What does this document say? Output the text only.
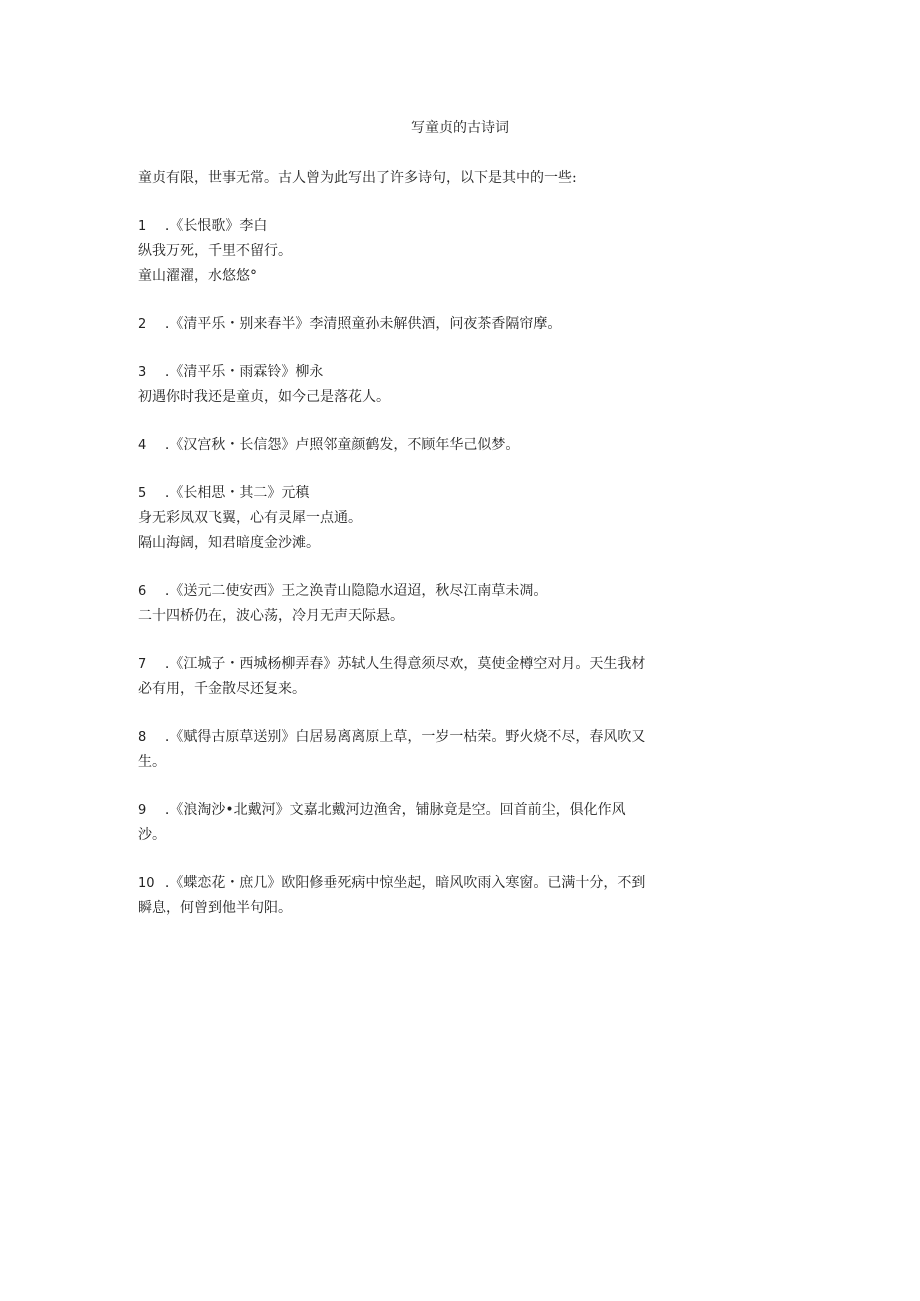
写童贞的古诗词
童贞有限，世事无常。古人曾为此写出了许多诗句，以下是其中的一些:

1 .《长恨歌》李白

纵我万死，千里不留行。

童山濯濯，水悠悠°

2 .《清平乐・别来春半》李清照童孙未解供酒，问夜茶香隔帘摩。

3 .《清平乐・雨霖铃》柳永

初遇你时我还是童贞，如今己是落花人。

4 .《汉宫秋・长信怨》卢照邻童颜鹤发，不顾年华己似梦。

5 .《长相思・其二》元稹

身无彩凤双飞翼，心有灵犀一点通。

隔山海阔，知君暗度金沙滩。

6 .《送元二使安西》王之涣青山隐隐水迢迢，秋尽江南草未凋。

二十四桥仍在，波心荡，冷月无声天际悬。

7 .《江城子・西城杨柳弄春》苏轼人生得意须尽欢，莫使金樽空对月。天生我材必有用，千金散尽还复来。

8 .《赋得古原草送别》白居易离离原上草，一岁一枯荣。野火烧不尽，春风吹又生。

9 .《浪淘沙•北戴河》文嘉北戴河边渔舍，铺脉竟是空。回首前尘，俱化作风沙。

10 .《蝶恋花・庶几》欧阳修垂死病中惊坐起，暗风吹雨入寒窗。已满十分，不到瞬息，何曾到他半句阳。
